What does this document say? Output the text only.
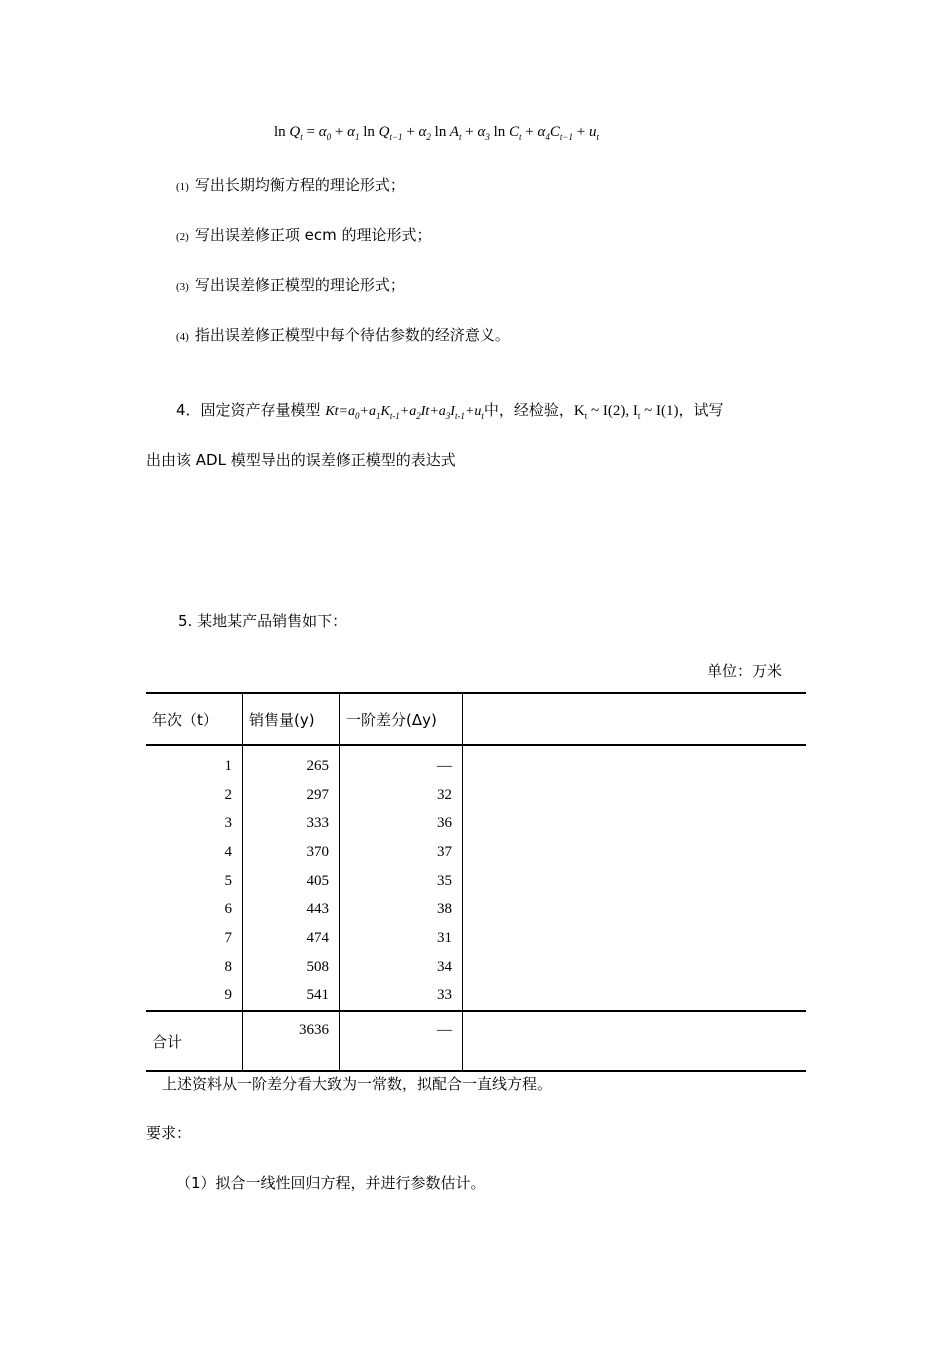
$\ln Q_t = \alpha_0 + \alpha_1$ $\ln Q_{t-1} + \alpha_2$ $\ln A_t + \alpha_3$ $\ln C_t + \alpha_4C_{t-1} + u_t$
(1) 写出长期均衡方程的理论形式；
(2) 写出误差修正项 ecm 的理论形式；
(3) 写出误差修正模型的理论形式；
(4) 指出误差修正模型中每个待估参数的经济意义。
4．固定资产存量模型 $Kt=a_0+a_1K_{t-1}+a_2It+a_3I_{t-1}+u_t$中，经检验，$K_t$ ~ I(2), $I_t$ ~ I(1)，试写
出由该 ADL 模型导出的误差修正模型的表达式
5. 某地某产品销售如下：
单位：万米
年次（t）	销售量(y)	一阶差分(Δy)	
1	265	—	
2	297	32	
3	333	36	
4	370	37	
5	405	35	
6	443	38	
7	474	31	
8	508	34	
9	541	33	
合计	3636	—	
上述资料从一阶差分看大致为一常数，拟配合一直线方程。
要求：
（1）拟合一线性回归方程，并进行参数估计。
